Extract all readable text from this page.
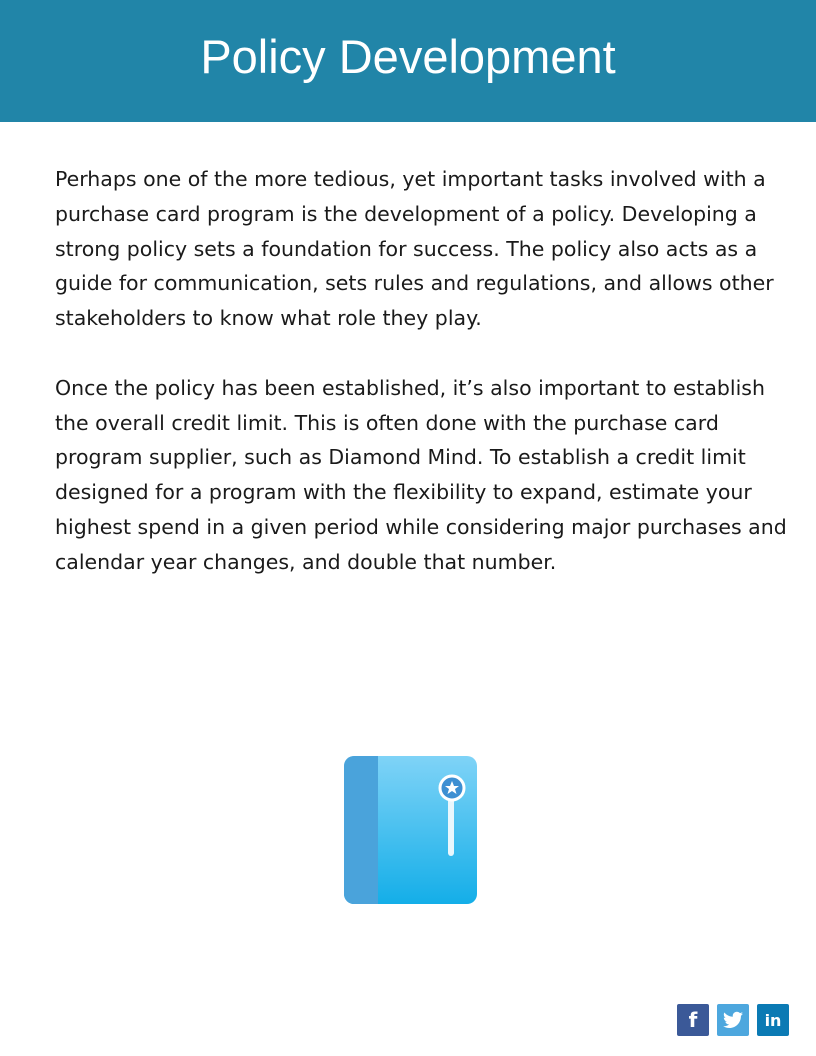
Policy Development

Perhaps one of the more tedious, yet important tasks involved with a purchase card program is the development of a policy. Developing a strong policy sets a foundation for success. The policy also acts as a guide for communication, sets rules and regulations, and allows other stakeholders to know what role they play.

Once the policy has been established, it’s also important to establish the overall credit limit. This is often done with the purchase card program supplier, such as Diamond Mind. To establish a credit limit designed for a program with the flexibility to expand, estimate your highest spend in a given period while considering major purchases and calendar year changes, and double that number.

f	in
